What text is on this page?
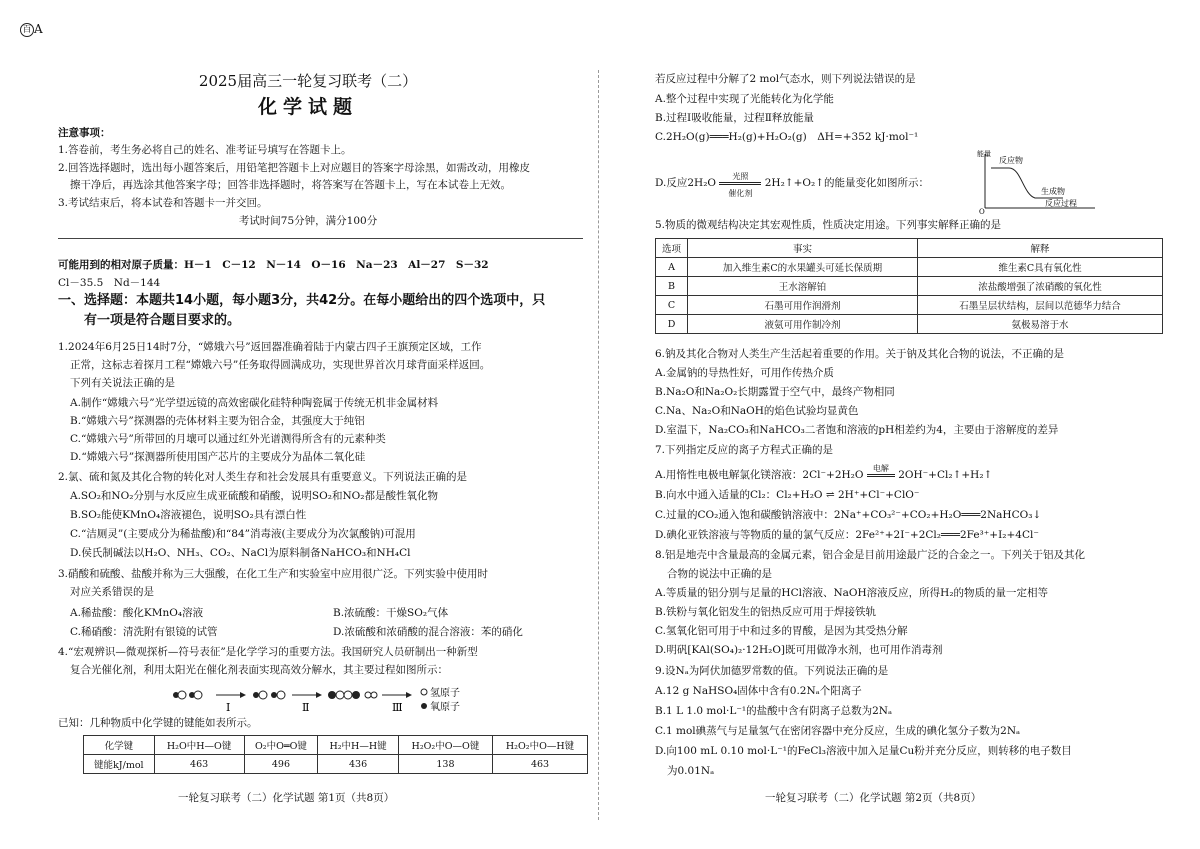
百 A
2025届高三一轮复习联考（二）
化学试题
注意事项：
1.答卷前，考生务必将自己的姓名、准考证号填写在答题卡上。
2.回答选择题时，选出每小题答案后，用铅笔把答题卡上对应题目的答案字母涂黑，如需改动，用橡皮
擦干净后，再选涂其他答案字母；回答非选择题时，将答案写在答题卡上，写在本试卷上无效。
3.考试结束后，将本试卷和答题卡一并交回。
考试时间75分钟，满分100分
可能用到的相对原子质量：H－1　C－12　N－14　O－16　Na－23　Al－27　S－32
Cl－35.5　Nd－144
一、选择题：本题共14小题，每小题3分，共42分。在每小题给出的四个选项中，只
有一项是符合题目要求的。
1.2024年6月25日14时7分，“嫦娥六号”返回器准确着陆于内蒙古四子王旗预定区域，工作
正常，这标志着探月工程“嫦娥六号”任务取得圆满成功，实现世界首次月球背面采样返回。
下列有关说法正确的是
A.制作“嫦娥六号”光学望远镜的高效密碳化硅特种陶瓷属于传统无机非金属材料
B.“嫦娥六号”探测器的壳体材料主要为铝合金，其强度大于纯铝
C.“嫦娥六号”所带回的月壤可以通过红外光谱测得所含有的元素种类
D.“嫦娥六号”探测器所使用国产芯片的主要成分为晶体二氧化硅
2.氯、硫和氮及其化合物的转化对人类生存和社会发展具有重要意义。下列说法正确的是
A.SO₂和NO₂分别与水反应生成亚硫酸和硝酸，说明SO₂和NO₂都是酸性氧化物
B.SO₂能使KMnO₄溶液褪色，说明SO₂具有漂白性
C.“洁厕灵”(主要成分为稀盐酸)和“84”消毒液(主要成分为次氯酸钠)可混用
D.侯氏制碱法以H₂O、NH₃、CO₂、NaCl为原料制备NaHCO₃和NH₄Cl
3.硝酸和硫酸、盐酸并称为三大强酸，在化工生产和实验室中应用很广泛。下列实验中使用时
对应关系错误的是
A.稀盐酸：酸化KMnO₄溶液	B.浓硫酸：干燥SO₂气体
C.稀硝酸：清洗附有银镜的试管	D.浓硫酸和浓硝酸的混合溶液：苯的硝化
4.“宏观辨识—微观探析—符号表征”是化学学习的重要方法。我国研究人员研制出一种新型
复合光催化剂，利用太阳光在催化剂表面实现高效分解水，其主要过程如图所示：
Ⅰ	Ⅱ	Ⅲ
氢原子
氧原子
已知：几种物质中化学键的键能如表所示。
化学键	H₂O中H—O键	O₂中O═O键	H₂中H—H键	H₂O₂中O—O键	H₂O₂中O—H键
键能kJ/mol	463	496	436	138	463
一轮复习联考（二）化学试题 第1页（共8页）
若反应过程中分解了2 mol气态水，则下列说法错误的是
A.整个过程中实现了光能转化为化学能
B.过程Ⅰ吸收能量，过程Ⅱ释放能量
C.2H₂O(g)═══H₂(g)+H₂O₂(g)　ΔH=+352 kJ·mol⁻¹
D.反应2H₂O
光照
催化剂
2H₂↑+O₂↑的能量变化如图所示：
能量
O
反应物
生成物
反应过程
5.物质的微观结构决定其宏观性质，性质决定用途。下列事实解释正确的是
选项	事实	解释
A	加入维生素C的水果罐头可延长保质期	维生素C具有氧化性
B	王水溶解铂	浓盐酸增强了浓硝酸的氧化性
C	石墨可用作润滑剂	石墨呈层状结构，层间以范德华力结合
D	液氨可用作制冷剂	氨极易溶于水
6.钠及其化合物对人类生产生活起着重要的作用。关于钠及其化合物的说法，不正确的是
A.金属钠的导热性好，可用作传热介质
B.Na₂O和Na₂O₂长期露置于空气中，最终产物相同
C.Na、Na₂O和NaOH的焰色试验均显黄色
D.室温下，Na₂CO₃和NaHCO₃二者饱和溶液的pH相差约为4，主要由于溶解度的差异
7.下列指定反应的离子方程式正确的是
A.用惰性电极电解氯化镁溶液：2Cl⁻+2H₂O
电解
2OH⁻+Cl₂↑+H₂↑
B.向水中通入适量的Cl₂：Cl₂+H₂O ⇌ 2H⁺+Cl⁻+ClO⁻
C.过量的CO₂通入饱和碳酸钠溶液中：2Na⁺+CO₃²⁻+CO₂+H₂O═══2NaHCO₃↓
D.碘化亚铁溶液与等物质的量的氯气反应：2Fe²⁺+2I⁻+2Cl₂═══2Fe³⁺+I₂+4Cl⁻
8.铝是地壳中含量最高的金属元素，铝合金是目前用途最广泛的合金之一。下列关于铝及其化
合物的说法中正确的是
A.等质量的铝分别与足量的HCl溶液、NaOH溶液反应，所得H₂的物质的量一定相等
B.铁粉与氧化铝发生的铝热反应可用于焊接铁轨
C.氢氧化铝可用于中和过多的胃酸，是因为其受热分解
D.明矾[KAl(SO₄)₂·12H₂O]既可用做净水剂，也可用作消毒剂
9.设Nₐ为阿伏加德罗常数的值。下列说法正确的是
A.12 g NaHSO₄固体中含有0.2Nₐ个阳离子
B.1 L 1.0 mol·L⁻¹的盐酸中含有阴离子总数为2Nₐ
C.1 mol碘蒸气与足量氢气在密闭容器中充分反应，生成的碘化氢分子数为2Nₐ
D.向100 mL 0.10 mol·L⁻¹的FeCl₃溶液中加入足量Cu粉并充分反应，则转移的电子数目
为0.01Nₐ
一轮复习联考（二）化学试题 第2页（共8页）
